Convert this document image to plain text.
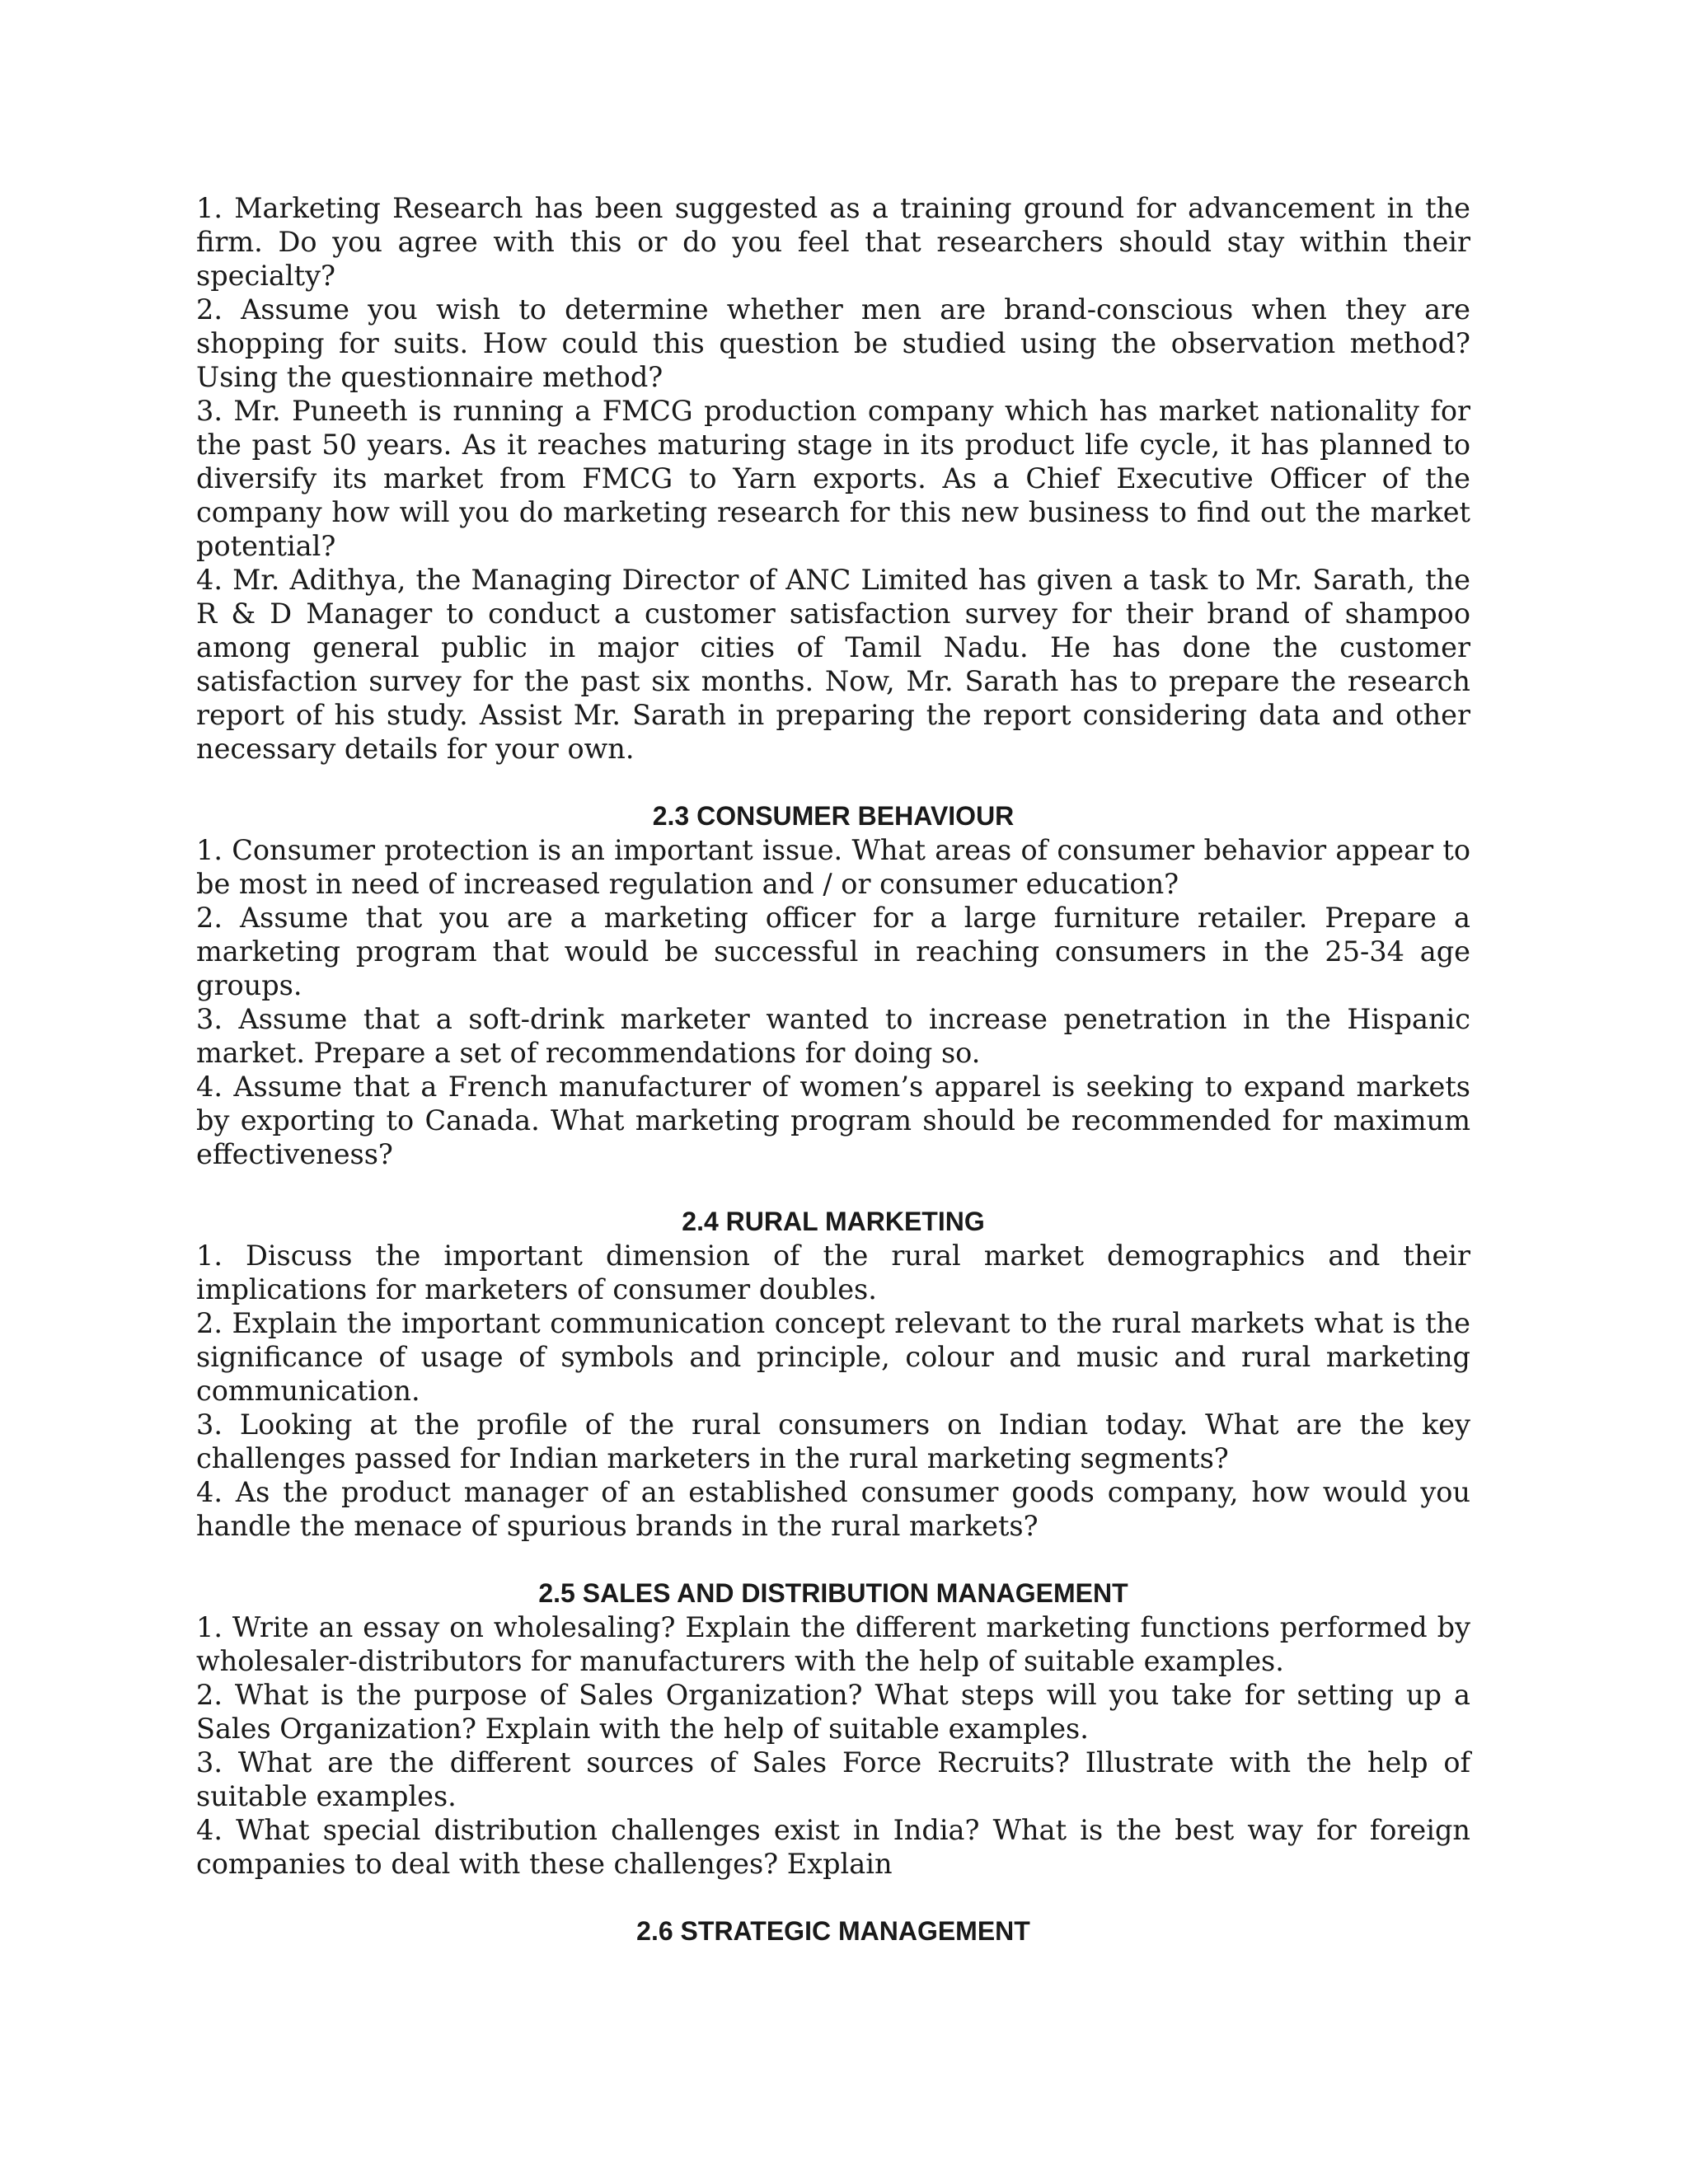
1. Marketing Research has been suggested as a training ground for advancement in the firm. Do you agree with this or do you feel that researchers should stay within their specialty?

2. Assume you wish to determine whether men are brand-conscious when they are shopping for suits. How could this question be studied using the observation method? Using the questionnaire method?

3. Mr. Puneeth is running a FMCG production company which has market nationality for the past 50 years. As it reaches maturing stage in its product life cycle, it has planned to diversify its market from FMCG to Yarn exports. As a Chief Executive Officer of the company how will you do marketing research for this new business to find out the market potential?

4. Mr. Adithya, the Managing Director of ANC Limited has given a task to Mr. Sarath, the R & D Manager to conduct a customer satisfaction survey for their brand of shampoo among general public in major cities of Tamil Nadu. He has done the customer satisfaction survey for the past six months. Now, Mr. Sarath has to prepare the research report of his study. Assist Mr. Sarath in preparing the report considering data and other necessary details for your own.

2.3 CONSUMER BEHAVIOUR

1. Consumer protection is an important issue. What areas of consumer behavior appear to be most in need of increased regulation and / or consumer education?

2. Assume that you are a marketing officer for a large furniture retailer. Prepare a marketing program that would be successful in reaching consumers in the 25-34 age groups.

3. Assume that a soft-drink marketer wanted to increase penetration in the Hispanic market. Prepare a set of recommendations for doing so.

4. Assume that a French manufacturer of women’s apparel is seeking to expand markets by exporting to Canada. What marketing program should be recommended for maximum effectiveness?

2.4 RURAL MARKETING

1. Discuss the important dimension of the rural market demographics and their implications for marketers of consumer doubles.

2. Explain the important communication concept relevant to the rural markets what is the significance of usage of symbols and principle, colour and music and rural marketing communication.

3. Looking at the profile of the rural consumers on Indian today. What are the key challenges passed for Indian marketers in the rural marketing segments?

4. As the product manager of an established consumer goods company, how would you handle the menace of spurious brands in the rural markets?

2.5 SALES AND DISTRIBUTION MANAGEMENT

1. Write an essay on wholesaling? Explain the different marketing functions performed by wholesaler-distributors for manufacturers with the help of suitable examples.

2. What is the purpose of Sales Organization? What steps will you take for setting up a Sales Organization? Explain with the help of suitable examples.

3. What are the different sources of Sales Force Recruits? Illustrate with the help of suitable examples.

4. What special distribution challenges exist in India? What is the best way for foreign companies to deal with these challenges? Explain

2.6 STRATEGIC MANAGEMENT
